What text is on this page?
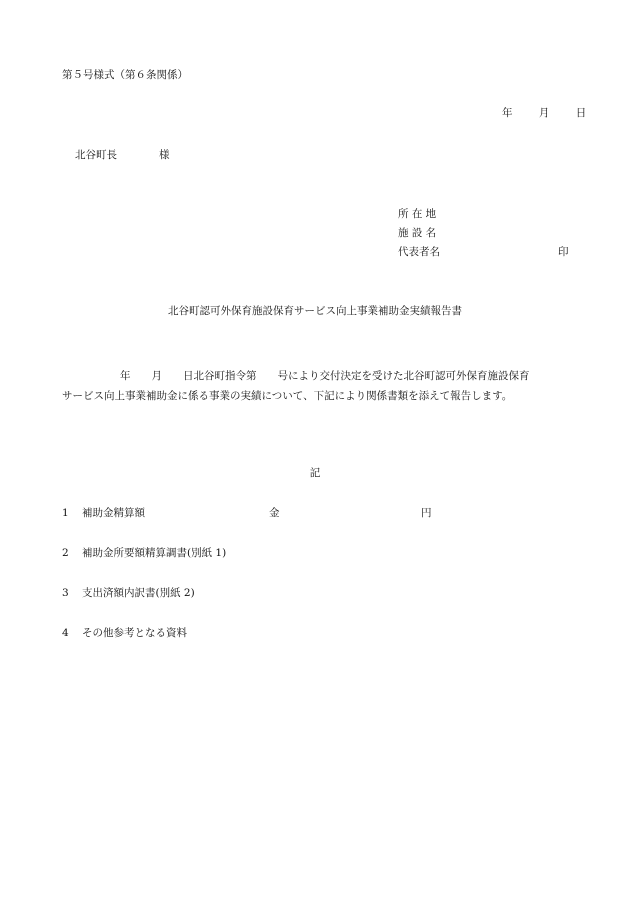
第５号様式（第６条関係）
年	月	日
北谷町長	様
所 在 地
施 設 名
代表者名	印
北谷町認可外保育施設保育サービス向上事業補助金実績報告書
年　　月　　日北谷町指令第　　号により交付決定を受けた北谷町認可外保育施設保育
サービス向上事業補助金に係る事業の実績について、下記により関係書類を添えて報告します。
記
1 補助金精算額	金	円
2 補助金所要額精算調書(別紙 1)
3 支出済額内訳書(別紙 2)
4 その他参考となる資料
